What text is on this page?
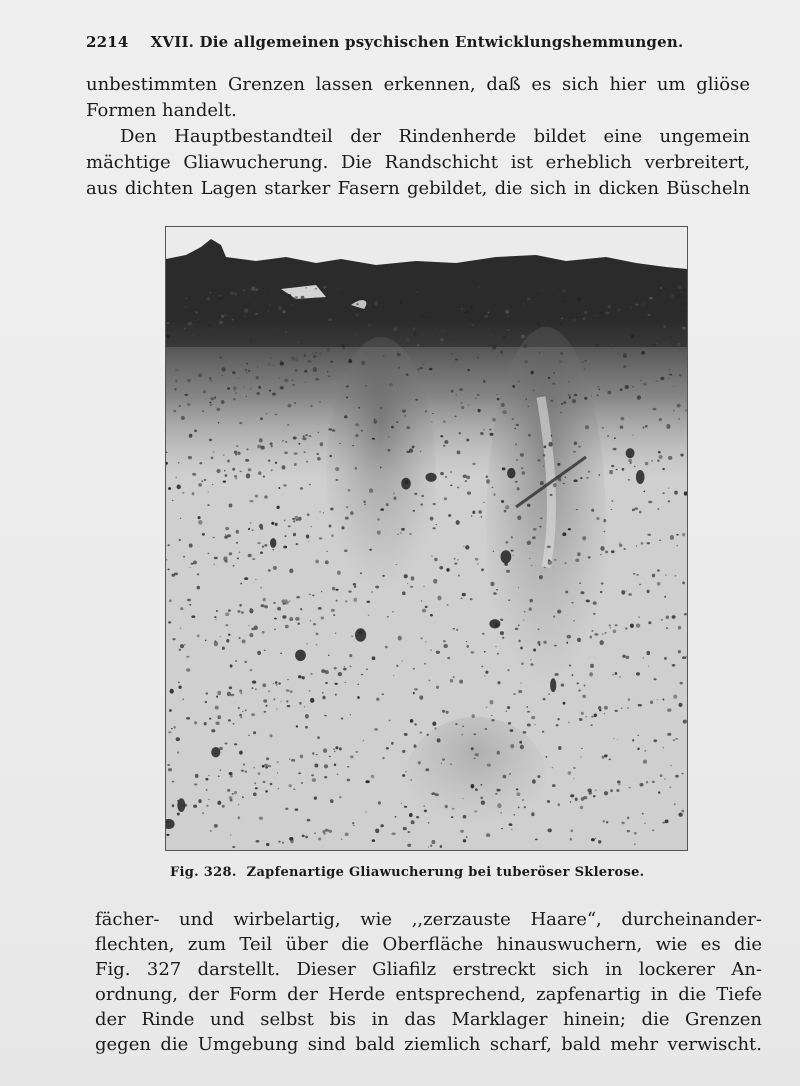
2214 XVII. Die allgemeinen psychischen Entwicklungshemmungen.
unbestimmten Grenzen lassen erkennen, daß es sich hier um gliöse
Formen handelt.
Den Hauptbestandteil der Rindenherde bildet eine ungemein
mächtige Gliawucherung. Die Randschicht ist erheblich verbreitert,
aus dichten Lagen starker Fasern gebildet, die sich in dicken Büscheln
Fig. 328. Zapfenartige Gliawucherung bei tuberöser Sklerose.
fächer- und wirbelartig, wie ,,zerzauste Haare“, durcheinander-
flechten, zum Teil über die Oberfläche hinauswuchern, wie es die
Fig. 327 darstellt. Dieser Gliafilz erstreckt sich in lockerer An-
ordnung, der Form der Herde entsprechend, zapfenartig in die Tiefe
der Rinde und selbst bis in das Marklager hinein; die Grenzen
gegen die Umgebung sind bald ziemlich scharf, bald mehr verwischt.
